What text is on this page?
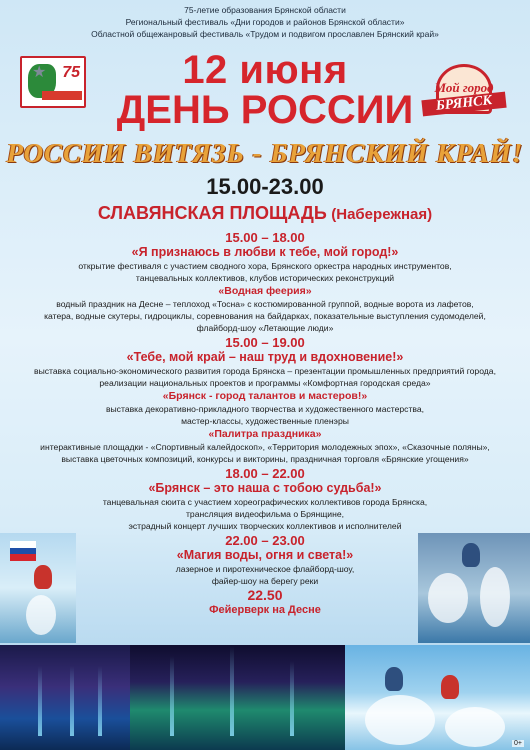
75-летие образования Брянской области
Региональный фестиваль «Дни городов и районов Брянской области»
Областной общежанровый фестиваль «Трудом и подвигом прославлен Брянский край»
★ 75
Мой город
БРЯНСК
12 июня
ДЕНЬ РОССИИ
РОССИИ ВИТЯЗЬ - БРЯНСКИЙ КРАЙ!
15.00-23.00
СЛАВЯНСКАЯ ПЛОЩАДЬ (Набережная)
15.00 – 18.00
«Я признаюсь в любви к тебе, мой город!»
открытие фестиваля с участием сводного хора, Брянского оркестра народных инструментов,
танцевальных коллективов, клубов исторических реконструкций
«Водная феерия»
водный праздник на Десне – теплоход «Тосна» с костюмированной группой, водные ворота из лафетов,
катера, водные скутеры, гидроциклы, соревнования на байдарках, показательные выступления судомоделей,
флайборд-шоу «Летающие люди»
15.00 – 19.00
«Тебе, мой край – наш труд и вдохновение!»
выставка социально-экономического развития города Брянска – презентации промышленных предприятий города,
реализации национальных проектов и программы «Комфортная городская среда»
«Брянск - город талантов и мастеров!»
выставка декоративно-прикладного творчества и художественного мастерства,
мастер-классы, художественные пленэры
«Палитра праздника»
интерактивные площадки - «Спортивный калейдоскоп», «Территория молодежных эпох», «Сказочные поляны»,
выставка цветочных композиций, конкурсы и викторины, праздничная торговля «Брянские угощения»
18.00 – 22.00
«Брянск – это наша с тобою судьба!»
танцевальная сюита с участием хореографических коллективов города Брянска,
трансляция видеофильма о Брянщине,
эстрадный концерт лучших творческих коллективов и исполнителей
22.00 – 23.00
«Магия воды, огня и света!»
лазерное и пиротехническое флайборд-шоу,
файер-шоу на берегу реки
22.50
Фейерверк на Десне
0+
